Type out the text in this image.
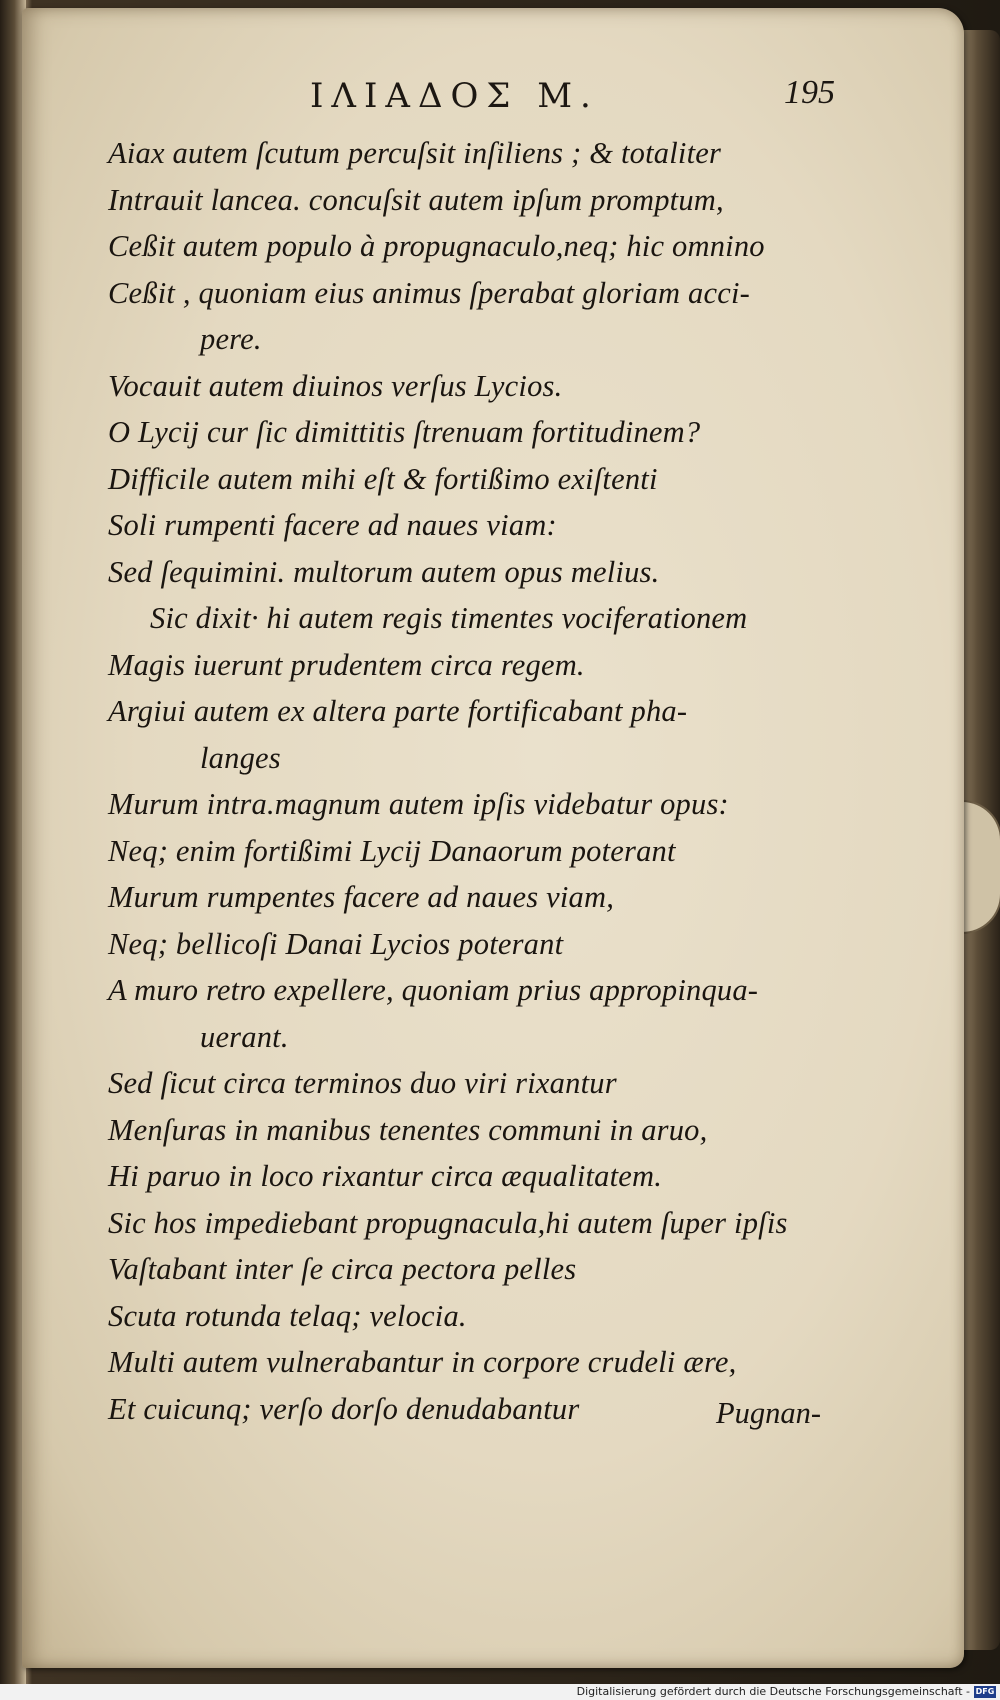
ΙΛΙΑΔΟΣ Μ.	195
Aiax autem ſcutum percuſsit inſiliens ; & totaliter
Intrauit lancea. concuſsit autem ipſum promptum,
Ceßit autem populo à propugnaculo,neq; hic omnino
Ceßit , quoniam eius animus ſperabat gloriam acci-
pere.
Vocauit autem diuinos verſus Lycios.
O Lycij cur ſic dimittitis ſtrenuam fortitudinem?
Difficile autem mihi eſt & fortißimo exiſtenti
Soli rumpenti facere ad naues viam:
Sed ſequimini. multorum autem opus melius.
Sic dixit· hi autem regis timentes vociferationem
Magis iuerunt prudentem circa regem.
Argiui autem ex altera parte fortificabant pha-
langes
Murum intra.magnum autem ipſis videbatur opus:
Neq; enim fortißimi Lycij Danaorum poterant
Murum rumpentes facere ad naues viam,
Neq; bellicoſi Danai Lycios poterant
A muro retro expellere, quoniam prius appropinqua-
uerant.
Sed ſicut circa terminos duo viri rixantur
Menſuras in manibus tenentes communi in aruo,
Hi paruo in loco rixantur circa æqualitatem.
Sic hos impediebant propugnacula,hi autem ſuper ipſis
Vaſtabant inter ſe circa pectora pelles
Scuta rotunda telaq; velocia.
Multi autem vulnerabantur in corpore crudeli ære,
Et cuicunq; verſo dorſo denudabantur	Pugnan-
Digitalisierung gefördert durch die Deutsche Forschungsgemeinschaft - DFG
